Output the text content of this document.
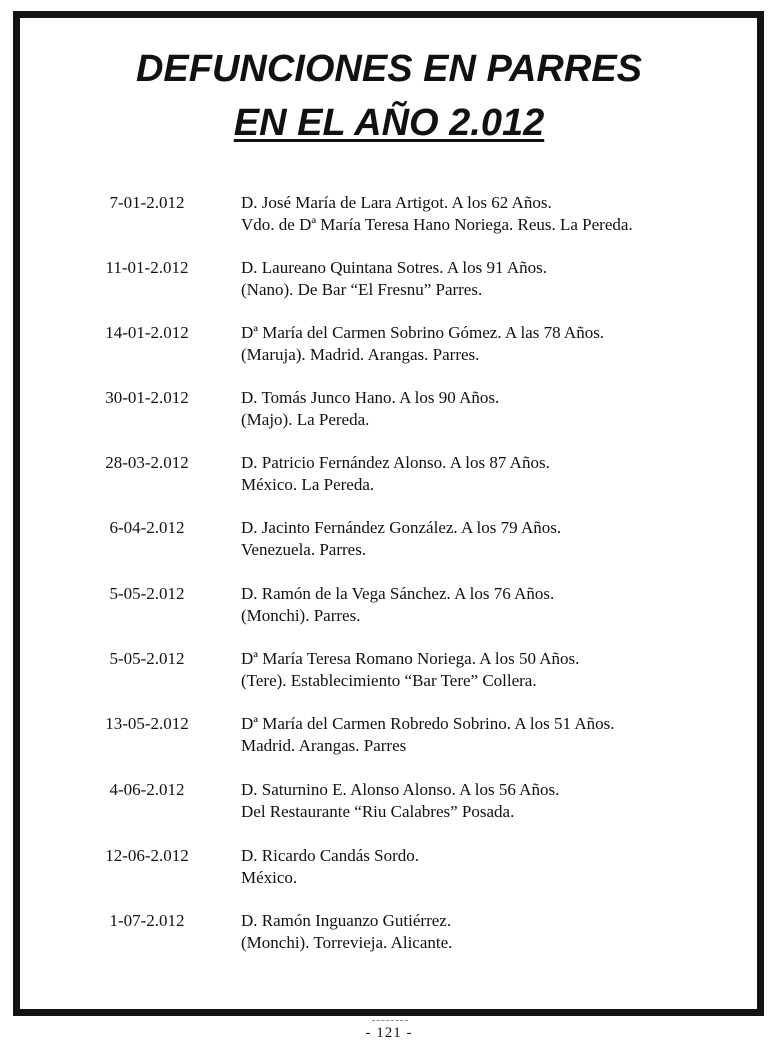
DEFUNCIONES EN PARRES
EN EL AÑO 2.012
7-01-2.012	D. José María de Lara Artigot. A los 62 Años.
Vdo. de Dª María Teresa Hano Noriega. Reus. La Pereda.
11-01-2.012	D. Laureano Quintana Sotres. A los 91 Años.
(Nano). De Bar “El Fresnu” Parres.
14-01-2.012	Dª María del Carmen Sobrino Gómez. A las 78 Años.
(Maruja). Madrid. Arangas. Parres.
30-01-2.012	D. Tomás Junco Hano. A los 90 Años.
(Majo). La Pereda.
28-03-2.012	D. Patricio Fernández Alonso. A los 87 Años.
México. La Pereda.
6-04-2.012	D. Jacinto Fernández González. A los 79 Años.
Venezuela. Parres.
5-05-2.012	D. Ramón de la Vega Sánchez. A los 76 Años.
(Monchi). Parres.
5-05-2.012	Dª María Teresa Romano Noriega. A los 50 Años.
(Tere). Establecimiento “Bar Tere” Collera.
13-05-2.012	Dª María del Carmen Robredo Sobrino. A los 51 Años.
Madrid. Arangas. Parres
4-06-2.012	D. Saturnino E. Alonso Alonso. A los 56 Años.
Del Restaurante “Riu Calabres” Posada.
12-06-2.012	D. Ricardo Candás Sordo.
México.
1-07-2.012	D. Ramón Inguanzo Gutiérrez.
(Monchi). Torrevieja. Alicante.
- 121 -
